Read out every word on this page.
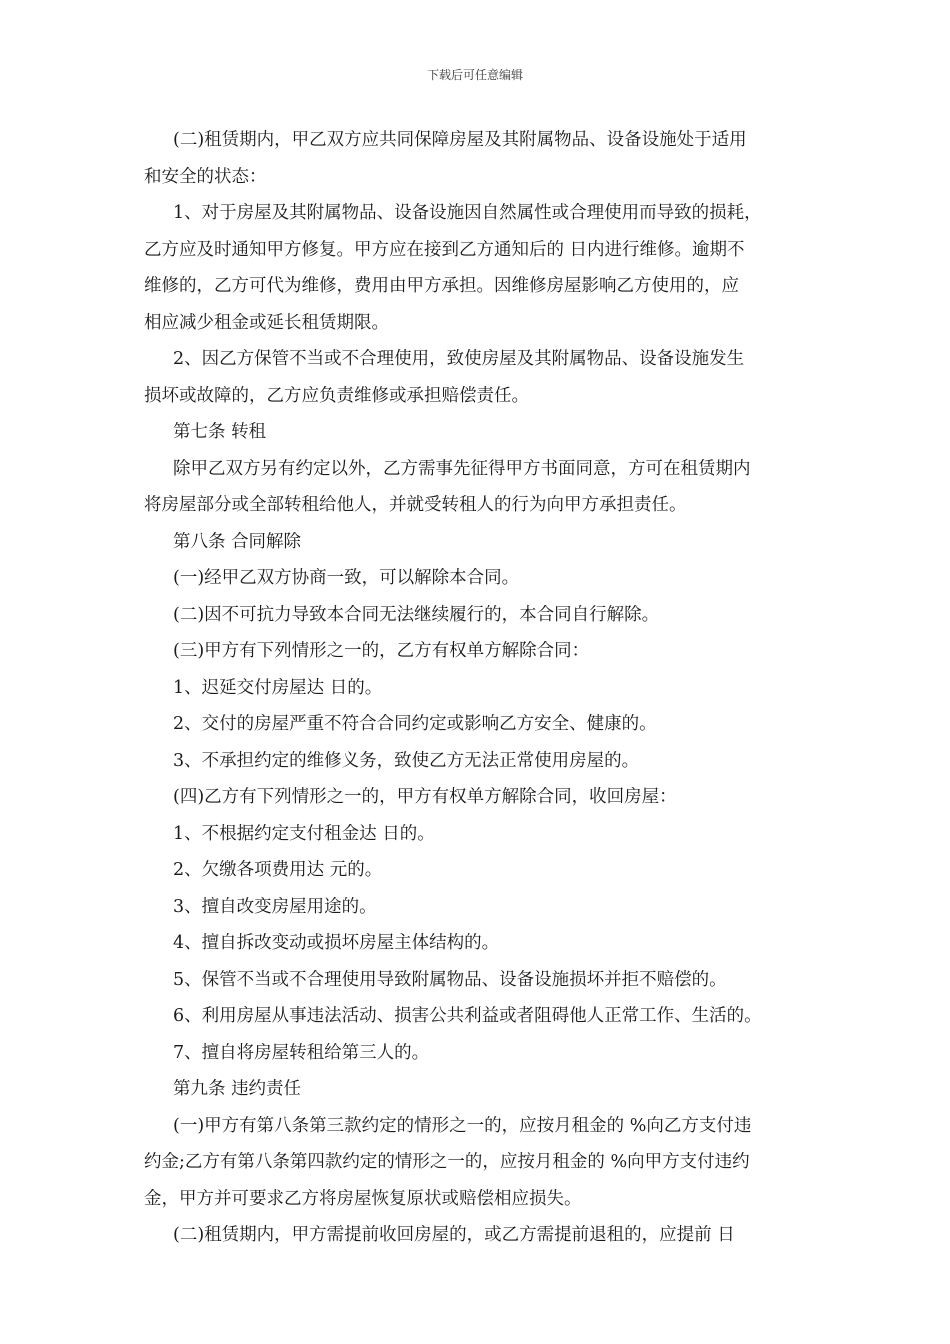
下载后可任意编辑
(二)租赁期内，甲乙双方应共同保障房屋及其附属物品、设备设施处于适用
和安全的状态：
1、对于房屋及其附属物品、设备设施因自然属性或合理使用而导致的损耗，
乙方应及时通知甲方修复。甲方应在接到乙方通知后的 日内进行维修。逾期不
维修的，乙方可代为维修，费用由甲方承担。因维修房屋影响乙方使用的，应
相应减少租金或延长租赁期限。
2、因乙方保管不当或不合理使用，致使房屋及其附属物品、设备设施发生
损坏或故障的，乙方应负责维修或承担赔偿责任。
第七条 转租
除甲乙双方另有约定以外，乙方需事先征得甲方书面同意，方可在租赁期内
将房屋部分或全部转租给他人，并就受转租人的行为向甲方承担责任。
第八条 合同解除
(一)经甲乙双方协商一致，可以解除本合同。
(二)因不可抗力导致本合同无法继续履行的，本合同自行解除。
(三)甲方有下列情形之一的，乙方有权单方解除合同：
1、迟延交付房屋达 日的。
2、交付的房屋严重不符合合同约定或影响乙方安全、健康的。
3、不承担约定的维修义务，致使乙方无法正常使用房屋的。
(四)乙方有下列情形之一的，甲方有权单方解除合同，收回房屋：
1、不根据约定支付租金达 日的。
2、欠缴各项费用达 元的。
3、擅自改变房屋用途的。
4、擅自拆改变动或损坏房屋主体结构的。
5、保管不当或不合理使用导致附属物品、设备设施损坏并拒不赔偿的。
6、利用房屋从事违法活动、损害公共利益或者阻碍他人正常工作、生活的。
7、擅自将房屋转租给第三人的。
第九条 违约责任
(一)甲方有第八条第三款约定的情形之一的，应按月租金的 %向乙方支付违
约金;乙方有第八条第四款约定的情形之一的，应按月租金的 %向甲方支付违约
金，甲方并可要求乙方将房屋恢复原状或赔偿相应损失。
(二)租赁期内，甲方需提前收回房屋的，或乙方需提前退租的，应提前 日
